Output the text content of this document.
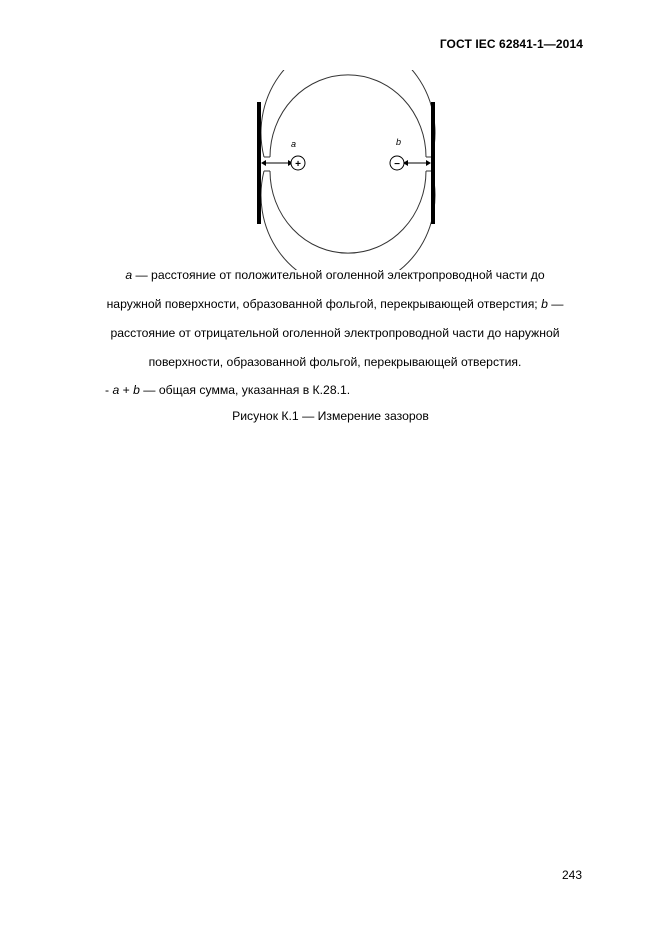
ГОСТ IEC 62841-1—2014
+	−
a	b
a — расстояние от положительной оголенной электропроводной части до
наружной поверхности, образованной фольгой, перекрывающей отверстия; b —
расстояние от отрицательной оголенной электропроводной части до наружной
поверхности, образованной фольгой, перекрывающей отверстия.
- a + b — общая сумма, указанная в К.28.1.
Рисунок К.1 — Измерение зазоров
243
